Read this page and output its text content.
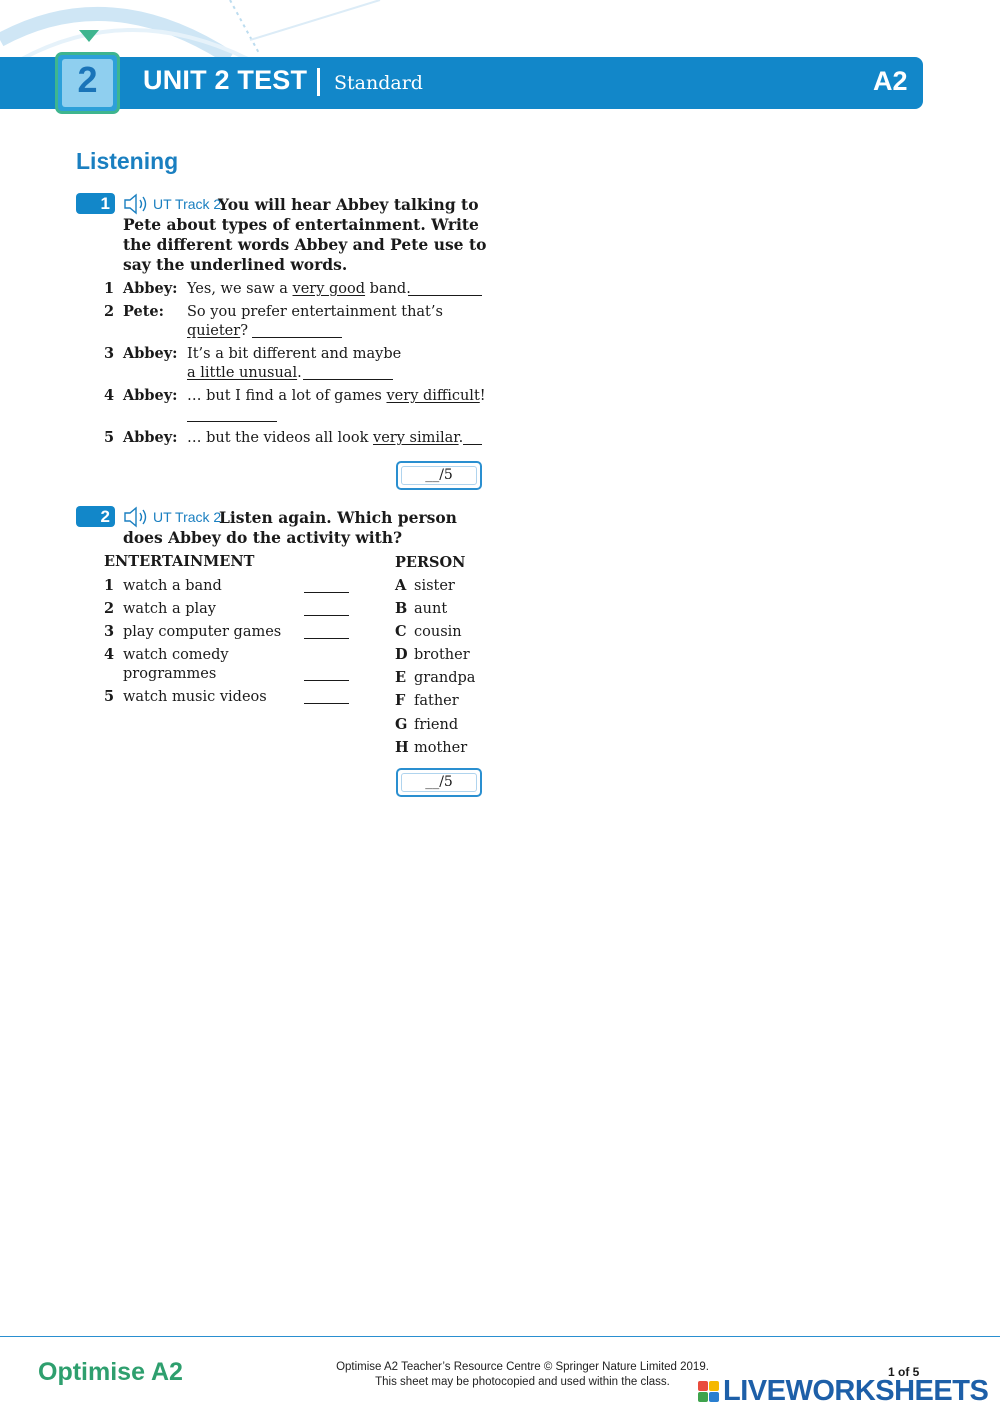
2	UNIT 2 TEST Standard	A2
Listening
1	UT Track 2
You will hear Abbey talking to
Pete about types of entertainment. Write
the different words Abbey and Pete use to
say the underlined words.
1 Abbey: Yes, we saw a very good band.
2 Pete: So you prefer entertainment that’s
quieter?
3 Abbey: It’s a bit different and maybe
a little unusual.
4 Abbey: … but I find a lot of games very difficult!
5 Abbey: … but the videos all look very similar.
__/5
2	UT Track 2
Listen again. Which person
does Abbey do the activity with?
ENTERTAINMENT	PERSON
1 watch a band
2 watch a play
3 play computer games
4 watch comedy
programmes
5 watch music videos
A sister
B aunt
C cousin
D brother
E grandpa
F father
G friend
H mother
__/5
Optimise A2	Optimise A2 Teacher’s Resource Centre © Springer Nature Limited 2019.
This sheet may be photocopied and used within the class.
1 of 5
LIVEWORKSHEETS
